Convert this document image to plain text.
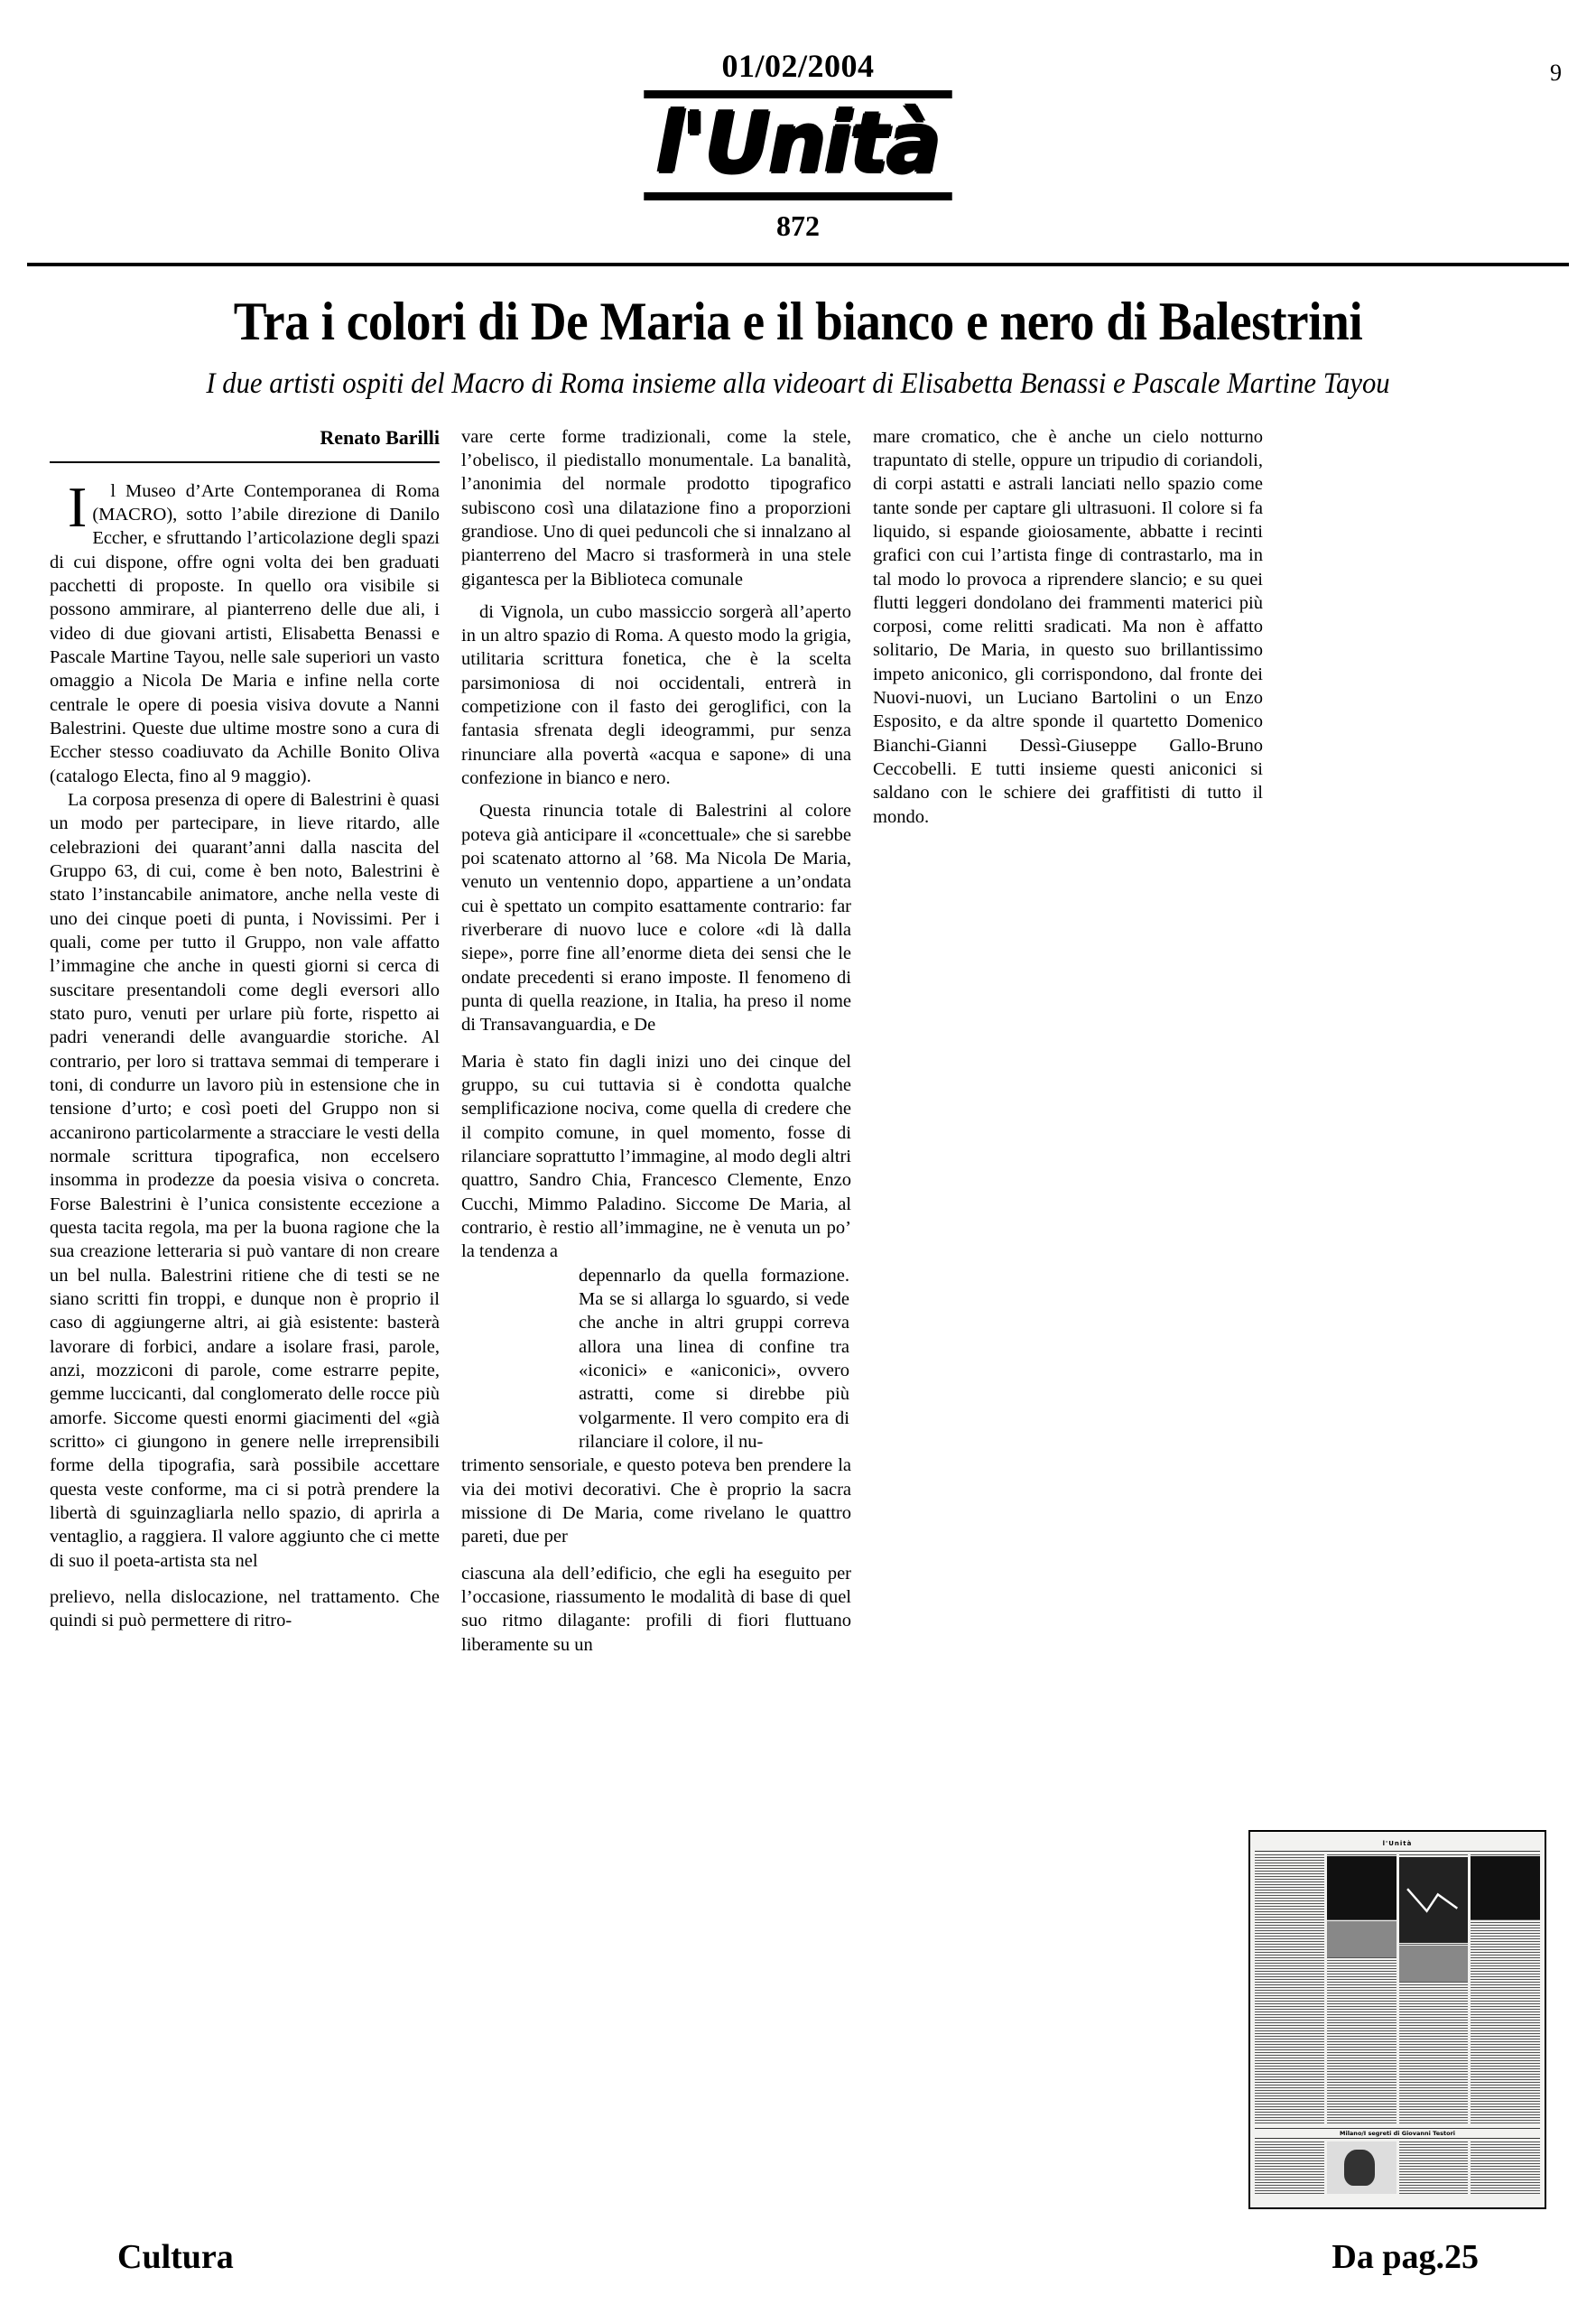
9
01/02/2004
l'Unità
872
Tra i colori di De Maria e il bianco e nero di Balestrini
I due artisti ospiti del Macro di Roma insieme alla videoart di Elisabetta Benassi e Pascale Martine Tayou
Renato Barilli

I l Museo d’Arte Contemporanea di Roma (MACRO), sotto l’abile direzione di Danilo Eccher, e sfruttando l’articolazione degli spazi di cui dispone, offre ogni volta dei ben graduati pacchetti di proposte. In quello ora visibile si possono ammirare, al pianterreno delle due ali, i video di due giovani artisti, Elisabetta Benassi e Pascale Martine Tayou, nelle sale superiori un vasto omaggio a Nicola De Maria e infine nella corte centrale le opere di poesia visiva dovute a Nanni Balestrini. Queste due ultime mostre sono a cura di Eccher stesso coadiuvato da Achille Bonito Oliva (catalogo Electa, fino al 9 maggio).

La corposa presenza di opere di Balestrini è quasi un modo per partecipare, in lieve ritardo, alle celebrazioni dei quarant’anni dalla nascita del Gruppo 63, di cui, come è ben noto, Balestrini è stato l’instancabile animatore, anche nella veste di uno dei cinque poeti di punta, i Novissimi. Per i quali, come per tutto il Gruppo, non vale affatto l’immagine che anche in questi giorni si cerca di suscitare presentandoli come degli eversori allo stato puro, venuti per urlare più forte, rispetto ai padri venerandi delle avanguardie storiche. Al contrario, per loro si trattava semmai di temperare i toni, di condurre un lavoro più in estensione che in tensione d’urto; e così poeti del Gruppo non si accanirono particolarmente a stracciare le vesti della normale scrittura tipografica, non eccelsero insomma in prodezze da poesia visiva o concreta. Forse Balestrini è l’unica consistente eccezione a questa tacita regola, ma per la buona ragione che la sua creazione letteraria si può vantare di non creare un bel nulla. Balestrini ritiene che di testi se ne siano scritti fin troppi, e dunque non è proprio il caso di aggiungerne altri, ai già esistente: basterà lavorare di forbici, andare a isolare frasi, parole, anzi, mozziconi di parole, come estrarre pepite, gemme luccicanti, dal conglomerato delle rocce più amorfe. Siccome questi enormi giacimenti del «già scritto» ci giungono in genere nelle irreprensibili forme della tipografia, sarà possibile accettare questa veste conforme, ma ci si potrà prendere la libertà di sguinzagliarla nello spazio, di aprirla a ventaglio, a raggiera. Il valore aggiunto che ci mette di suo il poeta-artista sta nel

prelievo, nella dislocazione, nel trattamento. Che quindi si può permettere di ritro-

vare certe forme tradizionali, come la stele, l’obelisco, il piedistallo monumentale. La banalità, l’anonimia del normale prodotto tipografico subiscono così una dilatazione fino a proporzioni grandiose. Uno di quei peduncoli che si innalzano al pianterreno del Macro si trasformerà in una stele gigantesca per la Biblioteca comunale

di Vignola, un cubo massiccio sorgerà all’aperto in un altro spazio di Roma. A questo modo la grigia, utilitaria scrittura fonetica, che è la scelta parsimoniosa di noi occidentali, entrerà in competizione con il fasto dei geroglifici, con la fantasia sfrenata degli ideogrammi, pur senza rinunciare alla povertà «acqua e sapone» di una confezione in bianco e nero.

Questa rinuncia totale di Balestrini al colore poteva già anticipare il «concettuale» che si sarebbe poi scatenato attorno al ’68. Ma Nicola De Maria, venuto un ventennio dopo, appartiene a un’ondata cui è spettato un compito esattamente contrario: far riverberare di nuovo luce e colore «di là dalla siepe», porre fine all’enorme dieta dei sensi che le ondate precedenti si erano imposte. Il fenomeno di punta di quella reazione, in Italia, ha preso il nome di Transavanguardia, e De

Maria è stato fin dagli inizi uno dei cinque del gruppo, su cui tuttavia si è condotta qualche semplificazione nociva, come quella di credere che il compito comune, in quel momento, fosse di rilanciare soprattutto l’immagine, al modo degli altri quattro, Sandro Chia, Francesco Clemente, Enzo Cucchi, Mimmo Paladino. Siccome De Maria, al contrario, è restio all’immagine, ne è venuta un po’ la tendenza a

depennarlo da quella formazione. Ma se si allarga lo sguardo, si vede che anche in altri gruppi correva allora una linea di confine tra «iconici» e «aniconici», ovvero astratti, come si direbbe più volgarmente. Il vero compito era di rilanciare il colore, il nu-

trimento sensoriale, e questo poteva ben prendere la via dei motivi decorativi. Che è proprio la sacra missione di De Maria, come rivelano le quattro pareti, due per

ciascuna ala dell’edificio, che egli ha eseguito per l’occasione, riassumento le modalità di base di quel suo ritmo dilagante: profili di fiori fluttuano liberamente su un

mare cromatico, che è anche un cielo notturno trapuntato di stelle, oppure un tripudio di coriandoli, di corpi astatti e astrali lanciati nello spazio come tante sonde per captare gli ultrasuoni. Il colore si fa liquido, si espande gioiosamente, abbatte i recinti grafici con cui l’artista finge di contrastarlo, ma in tal modo lo provoca a riprendere slancio; e su quei flutti leggeri dondolano dei frammenti materici più corposi, come relitti sradicati. Ma non è affatto solitario, De Maria, in questo suo brillantissimo impeto aniconico, gli corrispondono, dal fronte dei Nuovi-nuovi, un Luciano Bartolini o un Enzo Esposito, e da altre sponde il quartetto Domenico Bianchi-Gianni Dessì-Giuseppe Gallo-Bruno Ceccobelli. E tutti insieme questi aniconici si saldano con le schiere dei graffitisti di tutto il mondo.

l'Unità
Milano/I segreti di Giovanni Testori
Cultura	Da pag.25
